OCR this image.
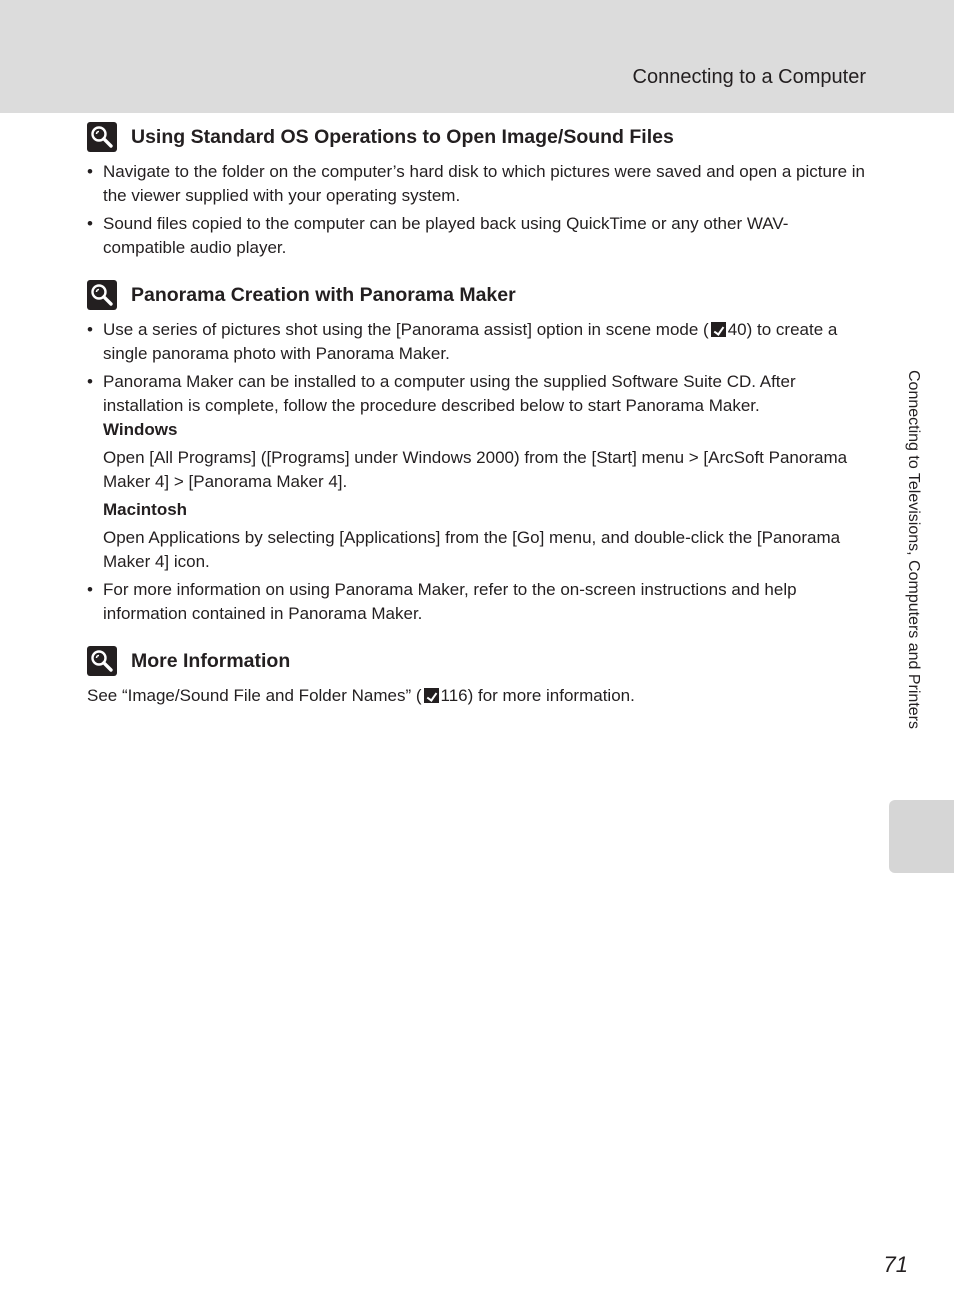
Connecting to a Computer
Using Standard OS Operations to Open Image/Sound Files
• Navigate to the folder on the computer’s hard disk to which pictures were saved and open a picture in the viewer supplied with your operating system.
• Sound files copied to the computer can be played back using QuickTime or any other WAV-compatible audio player.
Panorama Creation with Panorama Maker
• Use a series of pictures shot using the [Panorama assist] option in scene mode ( 40) to create a single panorama photo with Panorama Maker.
• Panorama Maker can be installed to a computer using the supplied Software Suite CD. After installation is complete, follow the procedure described below to start Panorama Maker.
Windows
Open [All Programs] ([Programs] under Windows 2000) from the [Start] menu > [ArcSoft Panorama Maker 4] > [Panorama Maker 4].
Macintosh
Open Applications by selecting [Applications] from the [Go] menu, and double-click the [Panorama Maker 4] icon.
• For more information on using Panorama Maker, refer to the on-screen instructions and help information contained in Panorama Maker.
More Information

See “Image/Sound File and Folder Names” ( 116) for more information.	Connecting to Televisions, Computers and Printers
71
